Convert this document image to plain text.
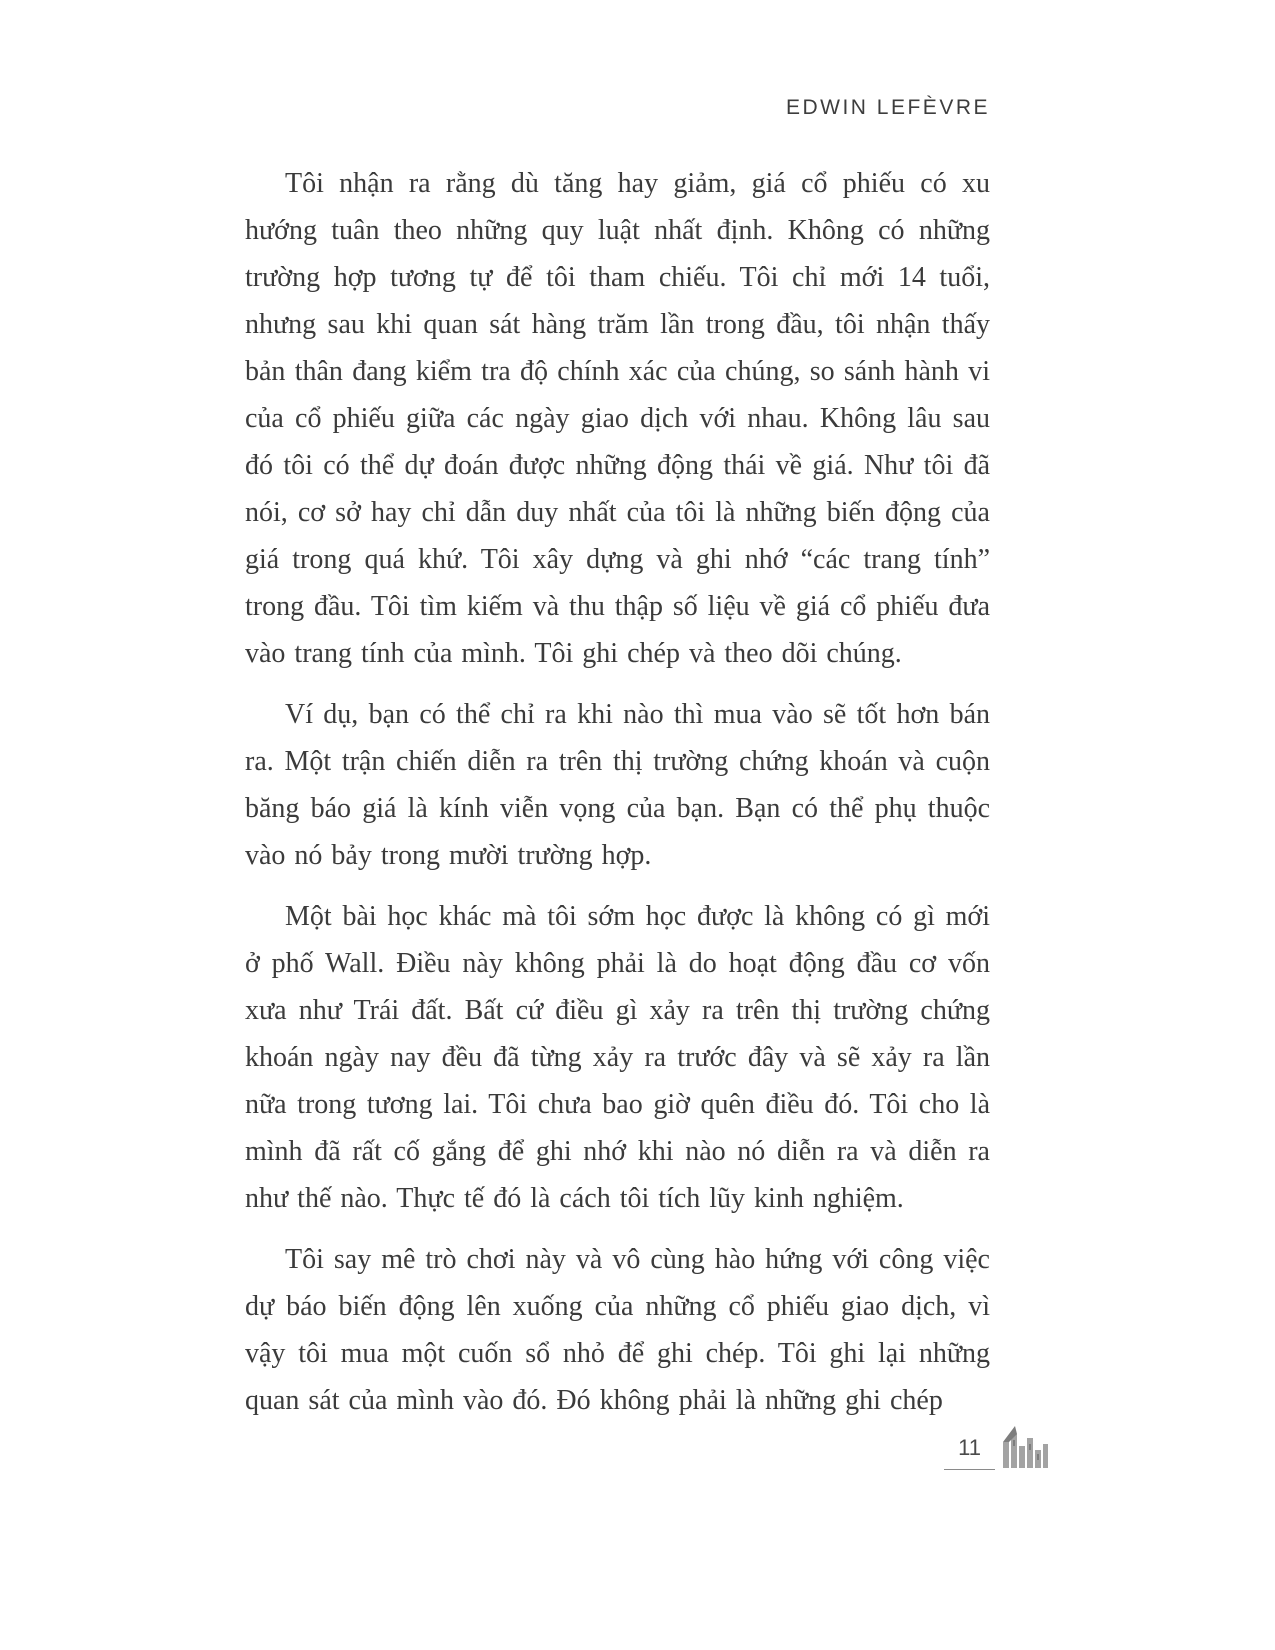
EDWIN LEFÈVRE

Tôi nhận ra rằng dù tăng hay giảm, giá cổ phiếu có xu hướng tuân theo những quy luật nhất định. Không có những trường hợp tương tự để tôi tham chiếu. Tôi chỉ mới 14 tuổi, nhưng sau khi quan sát hàng trăm lần trong đầu, tôi nhận thấy bản thân đang kiểm tra độ chính xác của chúng, so sánh hành vi của cổ phiếu giữa các ngày giao dịch với nhau. Không lâu sau đó tôi có thể dự đoán được những động thái về giá. Như tôi đã nói, cơ sở hay chỉ dẫn duy nhất của tôi là những biến động của giá trong quá khứ. Tôi xây dựng và ghi nhớ “các trang tính” trong đầu. Tôi tìm kiếm và thu thập số liệu về giá cổ phiếu đưa vào trang tính của mình. Tôi ghi chép và theo dõi chúng.

Ví dụ, bạn có thể chỉ ra khi nào thì mua vào sẽ tốt hơn bán ra. Một trận chiến diễn ra trên thị trường chứng khoán và cuộn băng báo giá là kính viễn vọng của bạn. Bạn có thể phụ thuộc vào nó bảy trong mười trường hợp.

Một bài học khác mà tôi sớm học được là không có gì mới ở phố Wall. Điều này không phải là do hoạt động đầu cơ vốn xưa như Trái đất. Bất cứ điều gì xảy ra trên thị trường chứng khoán ngày nay đều đã từng xảy ra trước đây và sẽ xảy ra lần nữa trong tương lai. Tôi chưa bao giờ quên điều đó. Tôi cho là mình đã rất cố gắng để ghi nhớ khi nào nó diễn ra và diễn ra như thế nào. Thực tế đó là cách tôi tích lũy kinh nghiệm.

Tôi say mê trò chơi này và vô cùng hào hứng với công việc dự báo biến động lên xuống của những cổ phiếu giao dịch, vì vậy tôi mua một cuốn sổ nhỏ để ghi chép. Tôi ghi lại những quan sát của mình vào đó. Đó không phải là những ghi chép

11
